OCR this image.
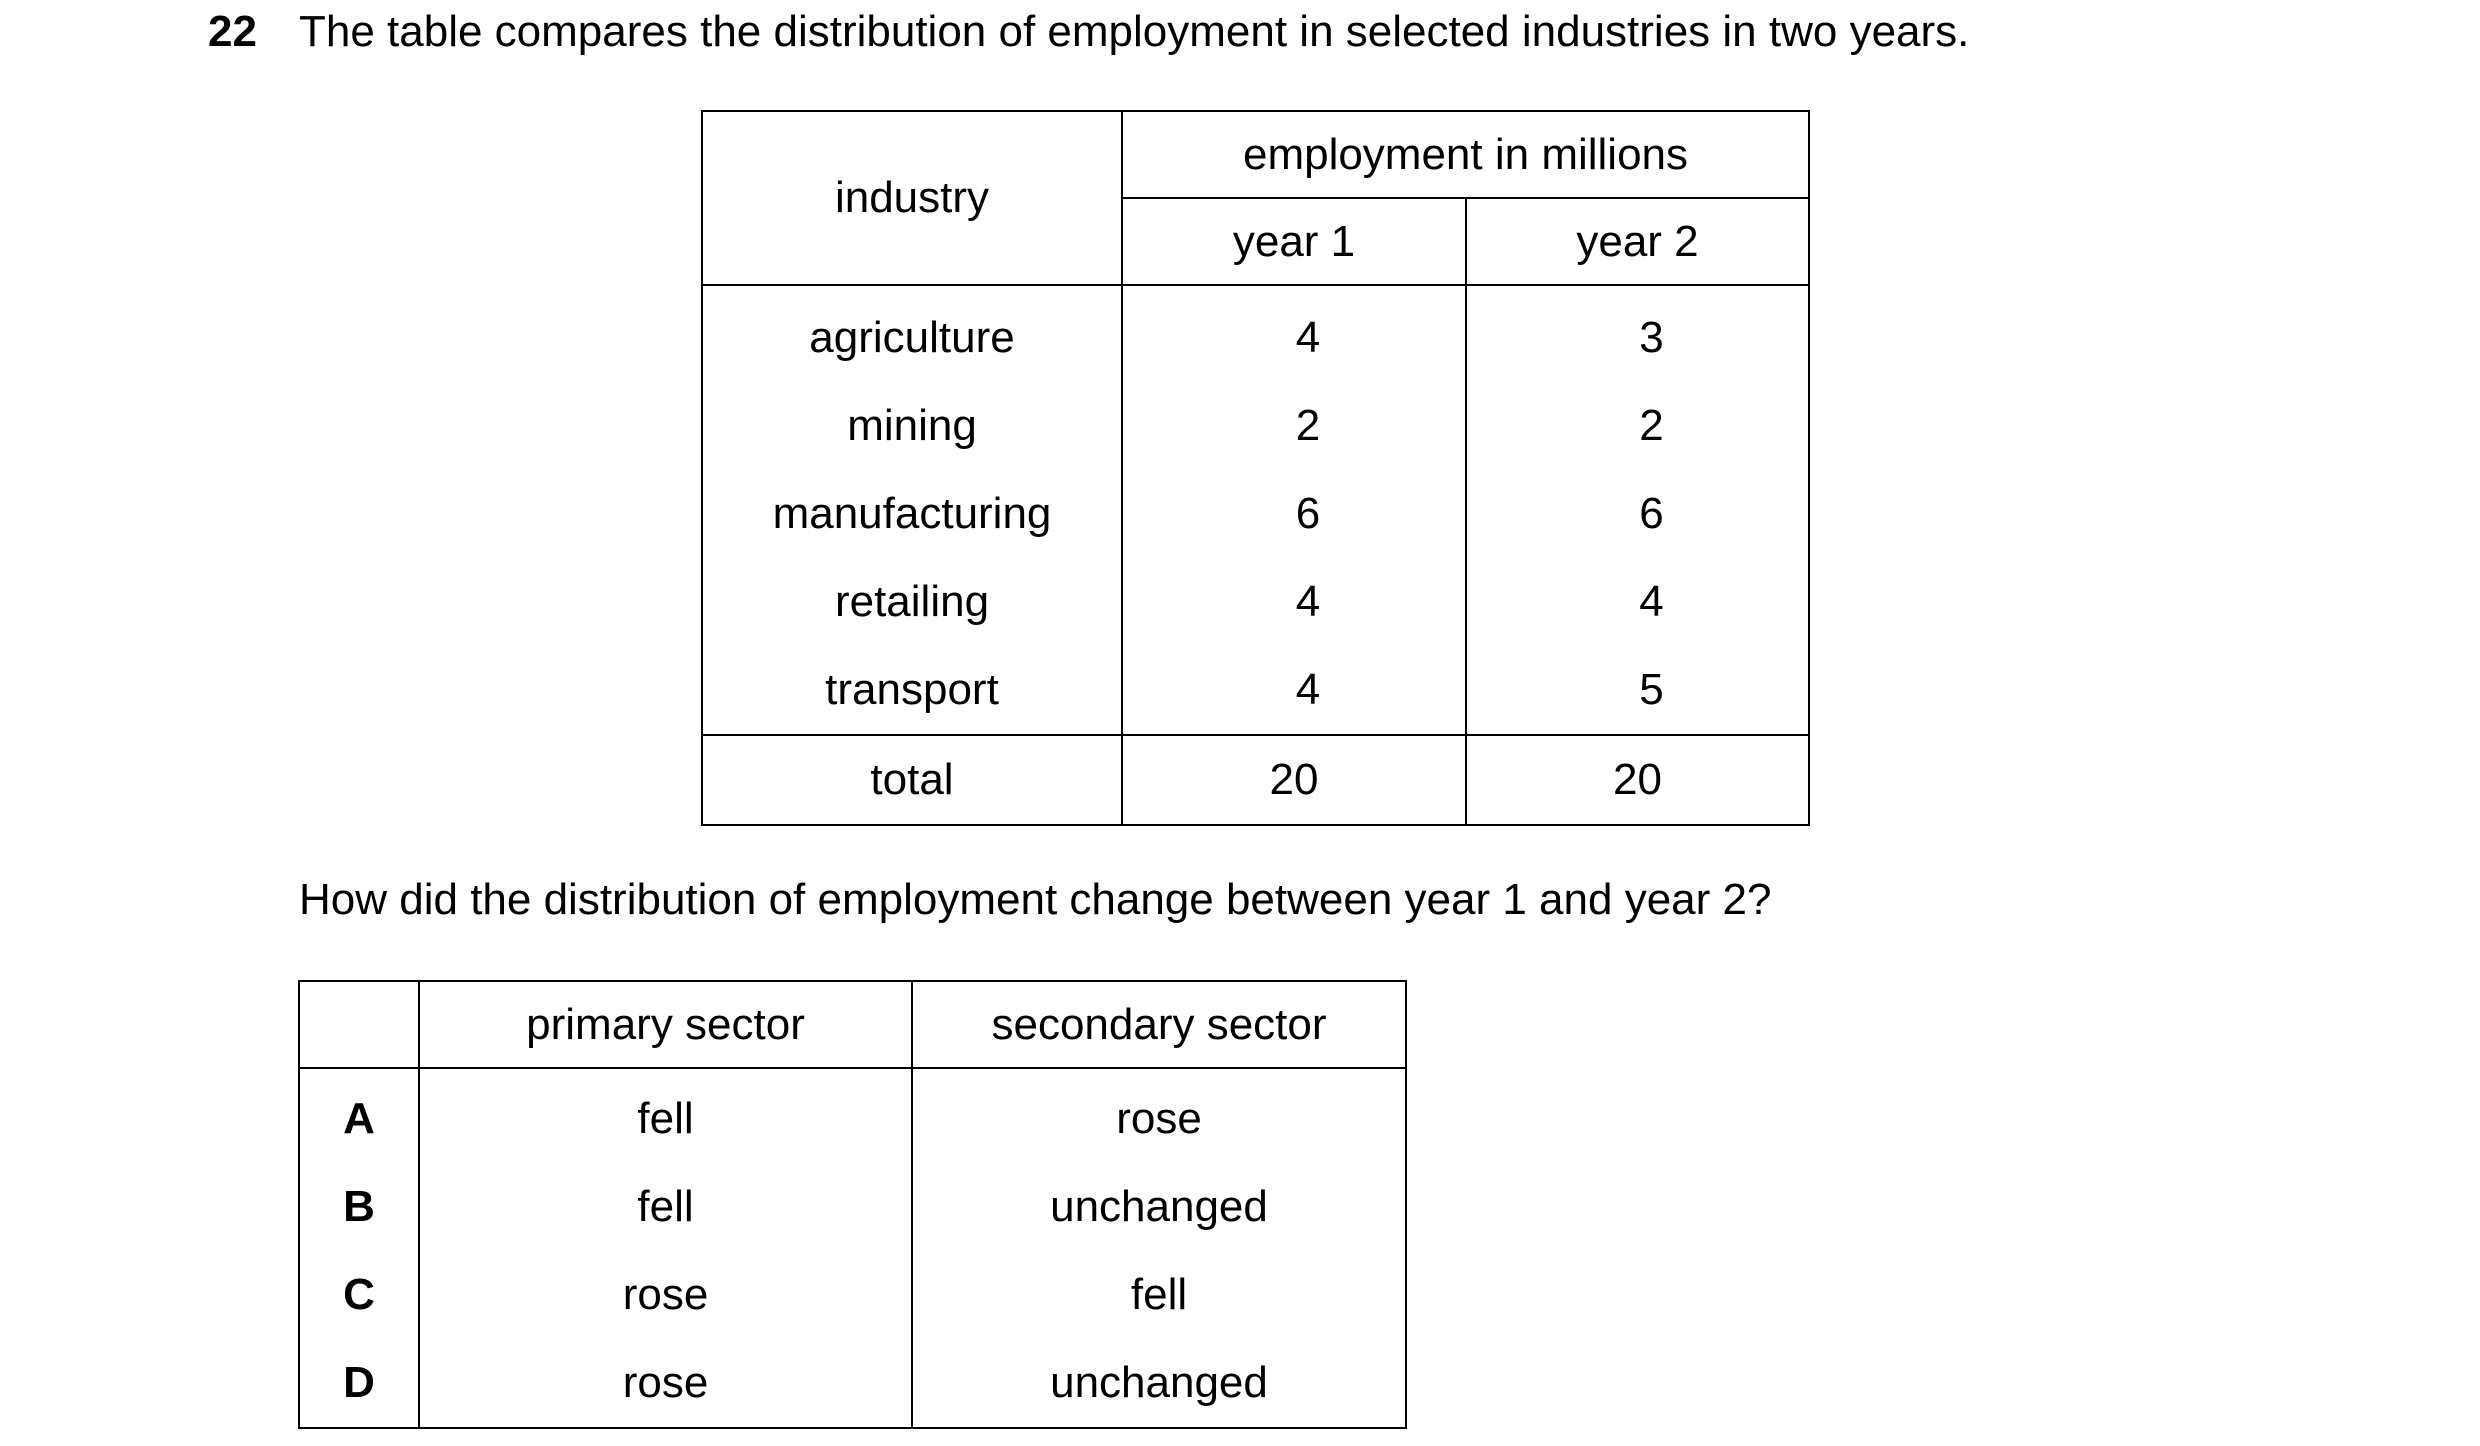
22 The table compares the distribution of employment in selected industries in two years.
industry	employment in millions	
	year 1	year 2
agriculture	4	3
mining	2	2
manufacturing	6	6
retailing	4	4
transport	4	5
total	20	20
How did the distribution of employment change between year 1 and year 2?
	primary sector	secondary sector
A	fell	rose
B	fell	unchanged
C	rose	fell
D	rose	unchanged
